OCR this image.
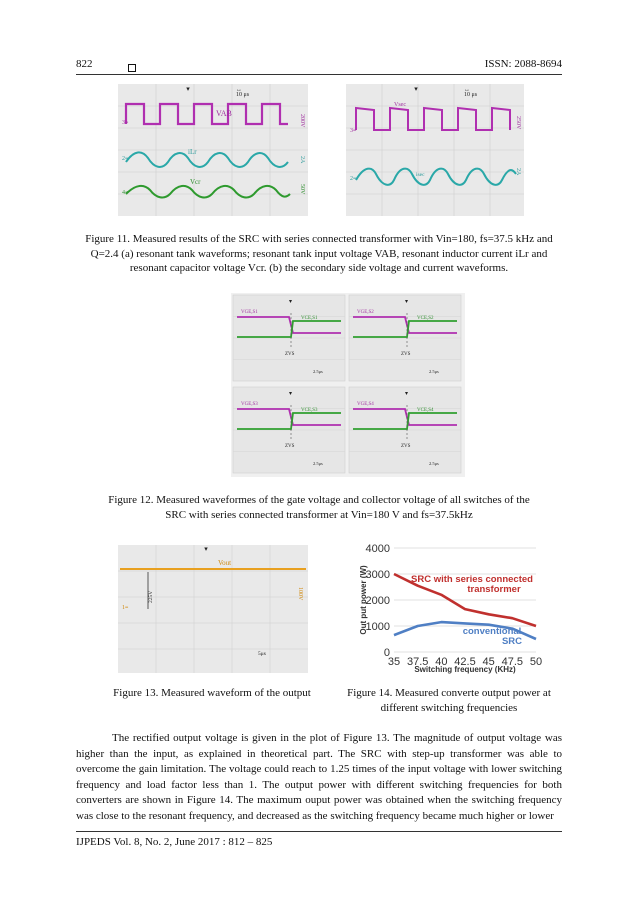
822	ISSN: 2088-8694
▾
3≡
2≡
4≡
VAB
iLr
Vcr
10 μs
↔
200V
2A
50V
▾
3≡
2≡
Vsec
isec
10 μs
↔
250V
2A
Figure 11. Measured results of the SRC with series connected transformer with Vin=180, fs=37.5 kHz and
Q=2.4 (a) resonant tank waveforms; resonant tank input voltage VAB, resonant inductor current iLr and
resonant capacitor voltage Vcr. (b) the secondary side voltage and current waveforms.
VGE,S1
VCE,S1
ZVS
2.5μs
▾
VGE,S2
VCE,S2
ZVS
2.5μs
▾
VGE,S3
VCE,S3
ZVS
2.5μs
▾
VGE,S4
VCE,S4
ZVS
2.5μs
▾
Figure 12. Measured waveformes of the gate voltage and collector voltage of all switches of the
SRC with series connected transformer at Vin=180 V and fs=37.5kHz
▾
Vout
225V
1≡
100V
5μs	0
1000
2000
3000
4000
35 37.5 40 42.5 45 47.5 50
Switching frequency (KHz)
Out put power (W)	SRC with series connected
transformer
conventional
SRC
Figure 13. Measured waveform of the output	Figure 14. Measured converte output power at
different switching frequencies
The rectified output voltage is given in the plot of Figure 13. The magnitude of output voltage was higher than the input, as explained in theoretical part. The SRC with step-up transformer was able to overcome the gain limitation. The voltage could reach to 1.25 times of the input voltage with lower switching frequency and load factor less than 1. The output power with different switching frequencies for both converters are shown in Figure 14. The maximum ouput power was obtained when the switching frequency was close to the resonant frequency, and decreased as the switching frequency became much higher or lower
IJPEDS Vol. 8, No. 2, June 2017 : 812 – 825
